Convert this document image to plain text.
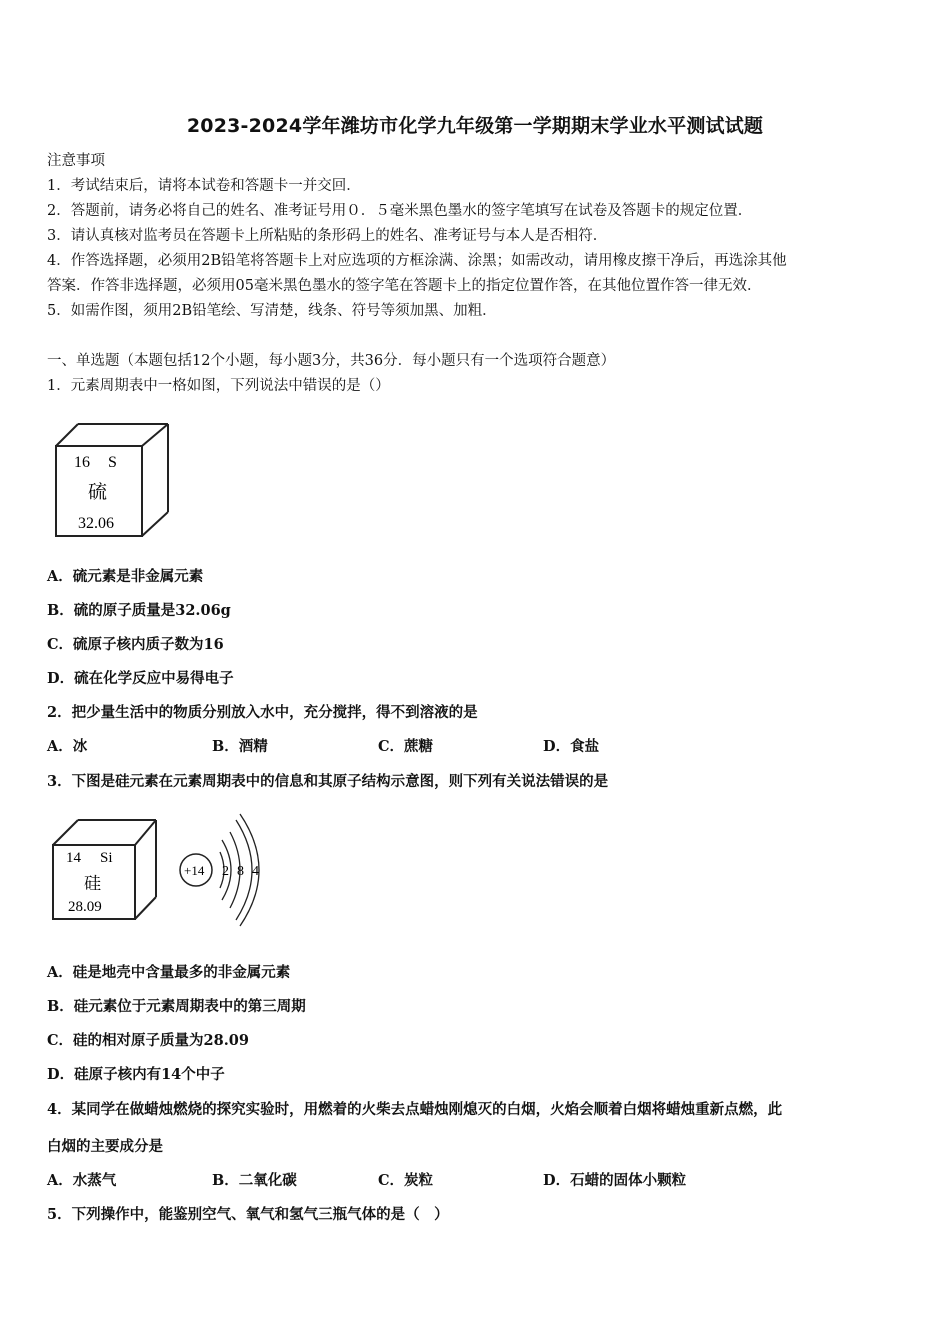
2023-2024学年潍坊市化学九年级第一学期期末学业水平测试试题
注意事项
1．考试结束后，请将本试卷和答题卡一并交回．
2．答题前，请务必将自己的姓名、准考证号用０．５毫米黑色墨水的签字笔填写在试卷及答题卡的规定位置．
3．请认真核对监考员在答题卡上所粘贴的条形码上的姓名、准考证号与本人是否相符．
4．作答选择题，必须用2B铅笔将答题卡上对应选项的方框涂满、涂黑；如需改动，请用橡皮擦干净后，再选涂其他
答案．作答非选择题，必须用05毫米黑色墨水的签字笔在答题卡上的指定位置作答，在其他位置作答一律无效．
5．如需作图，须用2B铅笔绘、写清楚，线条、符号等须加黑、加粗．
一、单选题（本题包括12个小题，每小题3分，共36分．每小题只有一个选项符合题意）
1．元素周期表中一格如图，下列说法中错误的是（）
16 S
硫
32.06
A．硫元素是非金属元素
B．硫的原子质量是32.06g
C．硫原子核内质子数为16
D．硫在化学反应中易得电子
2．把少量生活中的物质分别放入水中，充分搅拌，得不到溶液的是
A．冰	B．酒精	C．蔗糖	D．食盐
3．下图是硅元素在元素周期表中的信息和其原子结构示意图，则下列有关说法错误的是
14 Si
硅
28.09
+14 2 8 4
A．硅是地壳中含量最多的非金属元素
B．硅元素位于元素周期表中的第三周期
C．硅的相对原子质量为28.09
D．硅原子核内有14个中子
4．某同学在做蜡烛燃烧的探究实验时，用燃着的火柴去点蜡烛刚熄灭的白烟，火焰会顺着白烟将蜡烛重新点燃，此
白烟的主要成分是
A．水蒸气	B．二氧化碳	C．炭粒	D．石蜡的固体小颗粒
5．下列操作中，能鉴别空气、氧气和氢气三瓶气体的是（　）
